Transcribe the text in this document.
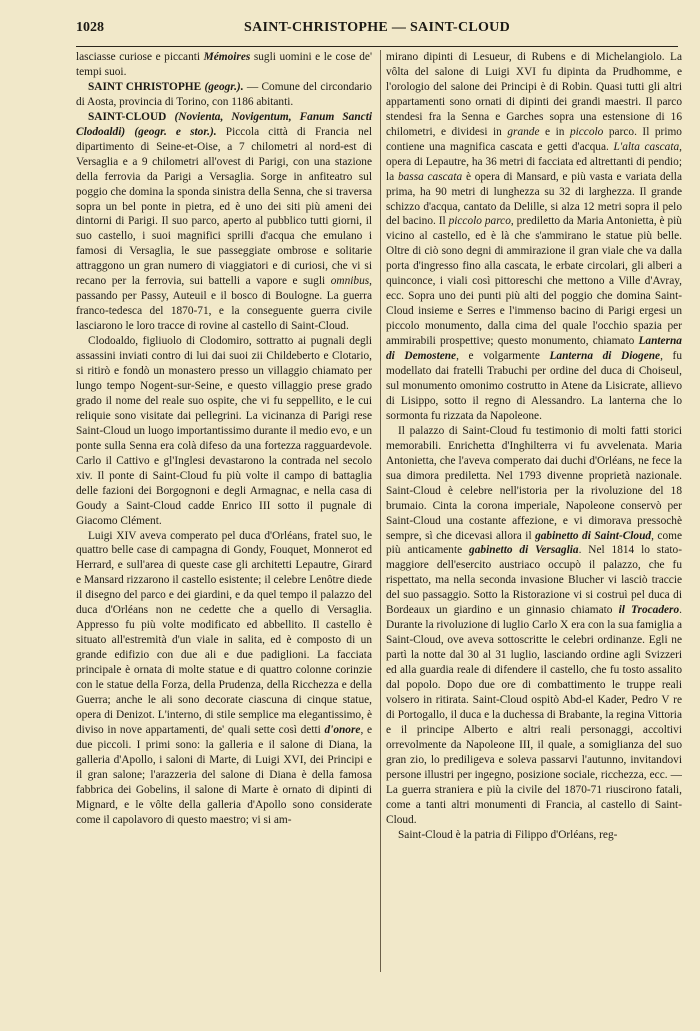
1028	SAINT-CHRISTOPHE — SAINT-CLOUD

lasciasse curiose e piccanti Mémoires sugli uomini e le cose de' tempi suoi.

SAINT CHRISTOPHE (geogr.). — Comune del circondario di Aosta, provincia di Torino, con 1186 abitanti.

SAINT-CLOUD (Novienta, Novigentum, Fanum Sancti Clodoaldi) (geogr. e stor.). Piccola città di Francia nel dipartimento di Seine-et-Oise, a 7 chilometri al nord-est di Versaglia e a 9 chilometri all'ovest di Parigi, con una stazione della ferrovia da Parigi a Versaglia. Sorge in anfiteatro sul poggio che domina la sponda sinistra della Senna, che si traversa sopra un bel ponte in pietra, ed è uno dei siti più ameni dei dintorni di Parigi. Il suo parco, aperto al pubblico tutti giorni, il suo castello, i suoi magnifici sprilli d'acqua che emulano i famosi di Versaglia, le sue passeggiate ombrose e solitarie attraggono un gran numero di viaggiatori e di curiosi, che vi si recano per la ferrovia, sui battelli a vapore e sugli omnibus, passando per Passy, Auteuil e il bosco di Boulogne. La guerra franco-tedesca del 1870-71, e la conseguente guerra civile lasciarono le loro tracce di rovine al castello di Saint-Cloud.

Clodoaldo, figliuolo di Clodomiro, sottratto ai pugnali degli assassini inviati contro di lui dai suoi zii Childeberto e Clotario, si ritirò e fondò un monastero presso un villaggio chiamato per lungo tempo Nogent-sur-Seine, e questo villaggio prese grado grado il nome del reale suo ospite, che vi fu seppellito, e le cui reliquie sono visitate dai pellegrini. La vicinanza di Parigi rese Saint-Cloud un luogo importantissimo durante il medio evo, e un ponte sulla Senna era colà difeso da una fortezza ragguardevole. Carlo il Cattivo e gl'Inglesi devastarono la contrada nel secolo xiv. Il ponte di Saint-Cloud fu più volte il campo di battaglia delle fazioni dei Borgognoni e degli Armagnac, e nella casa di Goudy a Saint-Cloud cadde Enrico III sotto il pugnale di Giacomo Clément.

Luigi XIV aveva comperato pel duca d'Orléans, fratel suo, le quattro belle case di campagna di Gondy, Fouquet, Monnerot ed Herrard, e sull'area di queste case gli architetti Lepautre, Girard e Mansard rizzarono il castello esistente; il celebre Lenôtre diede il disegno del parco e dei giardini, e da quel tempo il palazzo del duca d'Orléans non ne cedette che a quello di Versaglia. Appresso fu più volte modificato ed abbellito. Il castello è situato all'estremità d'un viale in salita, ed è composto di un grande edifizio con due ali e due padiglioni. La facciata principale è ornata di molte statue e di quattro colonne corinzie con le statue della Forza, della Prudenza, della Ricchezza e della Guerra; anche le ali sono decorate ciascuna di cinque statue, opera di Denizot. L'interno, di stile semplice ma elegantissimo, è diviso in nove appartamenti, de' quali sette così detti d'onore, e due piccoli. I primi sono: la galleria e il salone di Diana, la galleria d'Apollo, i saloni di Marte, di Luigi XVI, dei Principi e il gran salone; l'arazzeria del salone di Diana è della famosa fabbrica dei Gobelins, il salone di Marte è ornato di dipinti di Mignard, e le vôlte della galleria d'Apollo sono considerate come il capolavoro di questo maestro; vi si am-

mirano dipinti di Lesueur, di Rubens e di Michelangiolo. La vôlta del salone di Luigi XVI fu dipinta da Prudhomme, e l'orologio del salone dei Principi è di Robin. Quasi tutti gli altri appartamenti sono ornati di dipinti dei grandi maestri. Il parco stendesi fra la Senna e Garches sopra una estensione di 16 chilometri, e dividesi in grande e in piccolo parco. Il primo contiene una magnifica cascata e getti d'acqua. L'alta cascata, opera di Lepautre, ha 36 metri di facciata ed altrettanti di pendio; la bassa cascata è opera di Mansard, e più vasta e variata della prima, ha 90 metri di lunghezza su 32 di larghezza. Il grande schizzo d'acqua, cantato da Delille, si alza 12 metri sopra il pelo del bacino. Il piccolo parco, prediletto da Maria Antonietta, è più vicino al castello, ed è là che s'ammirano le statue più belle. Oltre di ciò sono degni di ammirazione il gran viale che va dalla porta d'ingresso fino alla cascata, le erbate circolari, gli alberi a quinconce, i viali così pittoreschi che mettono a Ville d'Avray, ecc. Sopra uno dei punti più alti del poggio che domina Saint-Cloud insieme e Serres e l'immenso bacino di Parigi ergesi un piccolo monumento, dalla cima del quale l'occhio spazia per ammirabili prospettive; questo monumento, chiamato Lanterna di Demostene, e volgarmente Lanterna di Diogene, fu modellato dai fratelli Trabuchi per ordine del duca di Choiseul, sul monumento omonimo costrutto in Atene da Lisicrate, allievo di Lisippo, sotto il regno di Alessandro. La lanterna che lo sormonta fu rizzata da Napoleone.

Il palazzo di Saint-Cloud fu testimonio di molti fatti storici memorabili. Enrichetta d'Inghilterra vi fu avvelenata. Maria Antonietta, che l'aveva comperato dai duchi d'Orléans, ne fece la sua dimora prediletta. Nel 1793 divenne proprietà nazionale. Saint-Cloud è celebre nell'istoria per la rivoluzione del 18 brumaio. Cinta la corona imperiale, Napoleone conservò per Saint-Cloud una costante affezione, e vi dimorava pressochè sempre, sì che dicevasi allora il gabinetto di Saint-Cloud, come più anticamente gabinetto di Versaglia. Nel 1814 lo stato-maggiore dell'esercito austriaco occupò il palazzo, che fu rispettato, ma nella seconda invasione Blucher vi lasciò traccie del suo passaggio. Sotto la Ristorazione vi si costruì pel duca di Bordeaux un giardino e un ginnasio chiamato il Trocadero. Durante la rivoluzione di luglio Carlo X era con la sua famiglia a Saint-Cloud, ove aveva sottoscritte le celebri ordinanze. Egli ne partì la notte dal 30 al 31 luglio, lasciando ordine agli Svizzeri ed alla guardia reale di difendere il castello, che fu tosto assalito dal popolo. Dopo due ore di combattimento le truppe reali volsero in ritirata. Saint-Cloud ospitò Abd-el Kader, Pedro V re di Portogallo, il duca e la duchessa di Brabante, la regina Vittoria e il principe Alberto e altri reali personaggi, accoltivi orrevolmente da Napoleone III, il quale, a somiglianza del suo gran zio, lo prediligeva e soleva passarvi l'autunno, invitandovi persone illustri per ingegno, posizione sociale, ricchezza, ecc. — La guerra straniera e più la civile del 1870-71 riuscirono fatali, come a tanti altri monumenti di Francia, al castello di Saint-Cloud.

Saint-Cloud è la patria di Filippo d'Orléans, reg-
